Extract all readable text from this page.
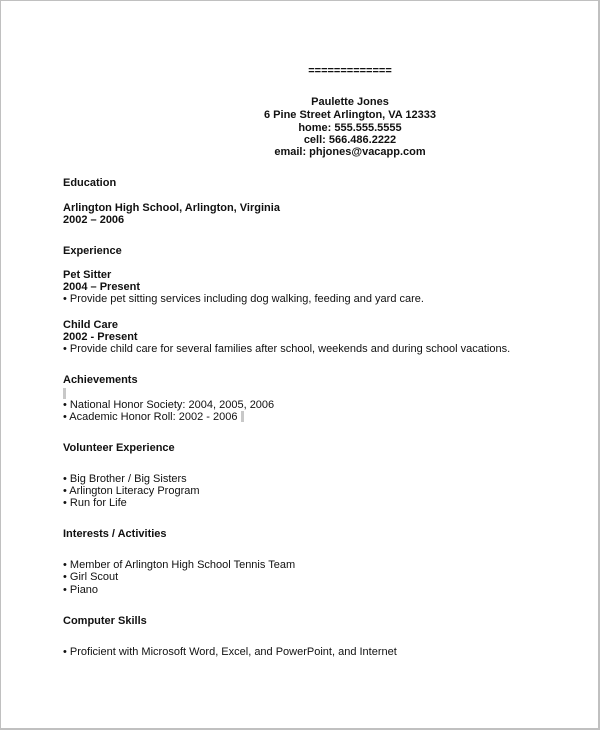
=============
Paulette Jones
6 Pine Street Arlington, VA 12333
home: 555.555.5555
cell: 566.486.2222
email: phjones@vacapp.com
Education
Arlington High School, Arlington, Virginia
2002 – 2006
Experience
Pet Sitter
2004 – Present
• Provide pet sitting services including dog walking, feeding and yard care.
Child Care
2002 - Present
• Provide child care for several families after school, weekends and during school vacations.
Achievements
• National Honor Society: 2004, 2005, 2006
• Academic Honor Roll: 2002 - 2006
Volunteer Experience
• Big Brother / Big Sisters
• Arlington Literacy Program
• Run for Life
Interests / Activities
• Member of Arlington High School Tennis Team
• Girl Scout
• Piano
Computer Skills
• Proficient with Microsoft Word, Excel, and PowerPoint, and Internet
